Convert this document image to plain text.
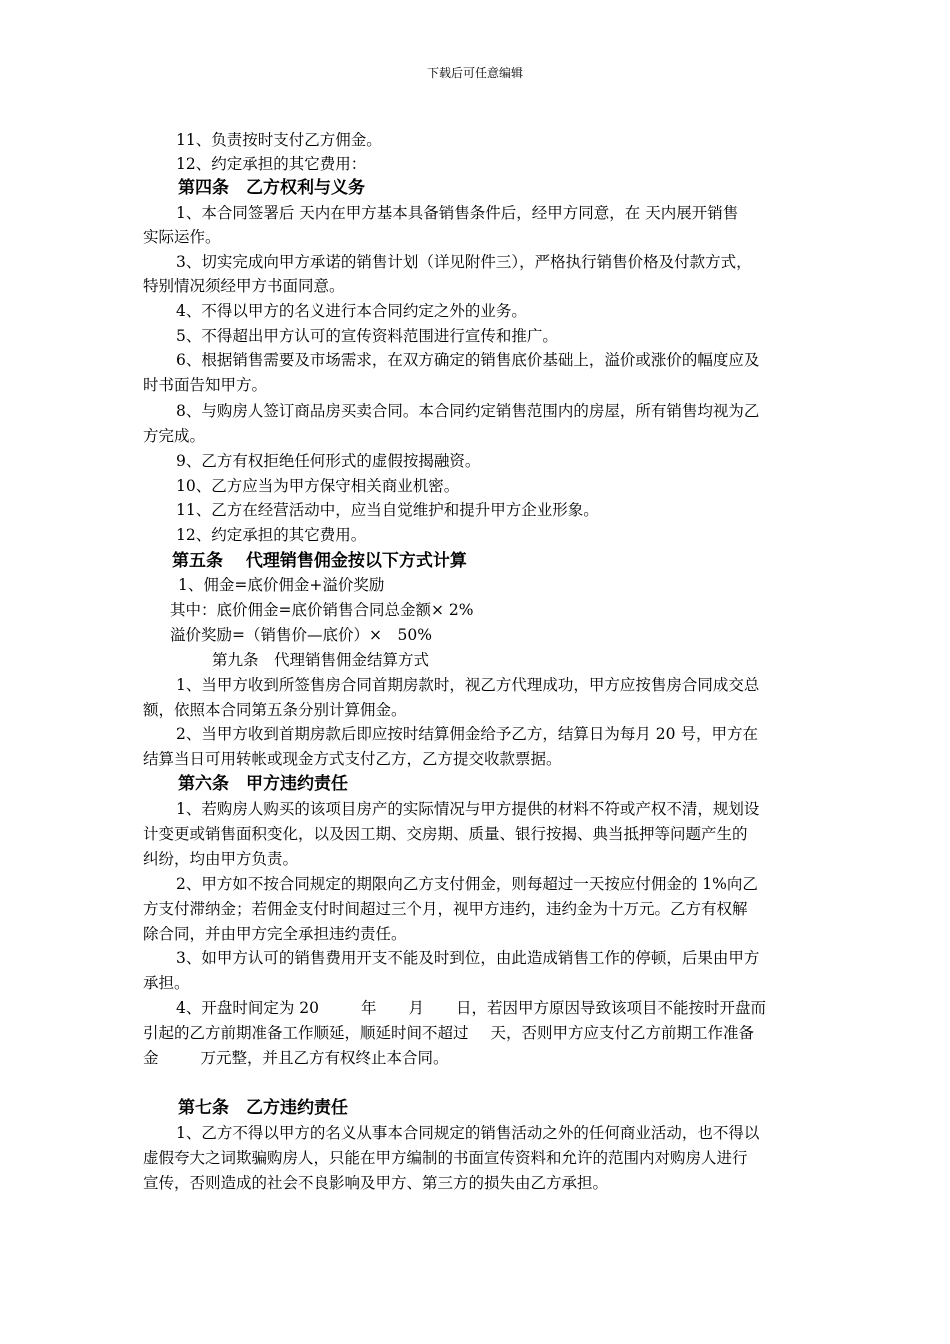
下载后可任意编辑
11、负责按时支付乙方佣金。
12、约定承担的其它费用：
第四条　乙方权利与义务
1、本合同签署后 天内在甲方基本具备销售条件后，经甲方同意，在 天内展开销售
实际运作。
3、切实完成向甲方承诺的销售计划（详见附件三），严格执行销售价格及付款方式，
特别情况须经甲方书面同意。
4、不得以甲方的名义进行本合同约定之外的业务。
5、不得超出甲方认可的宣传资料范围进行宣传和推广。
6、根据销售需要及市场需求，在双方确定的销售底价基础上，溢价或涨价的幅度应及
时书面告知甲方。
8、与购房人签订商品房买卖合同。本合同约定销售范围内的房屋，所有销售均视为乙
方完成。
9、乙方有权拒绝任何形式的虚假按揭融资。
10、乙方应当为甲方保守相关商业机密。
11、乙方在经营活动中，应当自觉维护和提升甲方企业形象。
12、约定承担的其它费用。
第五条　 代理销售佣金按以下方式计算
1、佣金=底价佣金+溢价奖励
其中：底价佣金=底价销售合同总金额× 2%
溢价奖励=（销售价—底价）×　50%
第九条　代理销售佣金结算方式
1、当甲方收到所签售房合同首期房款时，视乙方代理成功，甲方应按售房合同成交总
额，依照本合同第五条分别计算佣金。
2、当甲方收到首期房款后即应按时结算佣金给予乙方，结算日为每月 20 号，甲方在
结算当日可用转帐或现金方式支付乙方，乙方提交收款票据。
第六条　甲方违约责任
1、若购房人购买的该项目房产的实际情况与甲方提供的材料不符或产权不清，规划设
计变更或销售面积变化，以及因工期、交房期、质量、银行按揭、典当抵押等问题产生的
纠纷，均由甲方负责。
2、甲方如不按合同规定的期限向乙方支付佣金，则每超过一天按应付佣金的 1%向乙
方支付滞纳金；若佣金支付时间超过三个月，视甲方违约，违约金为十万元。乙方有权解
除合同，并由甲方完全承担违约责任。
3、如甲方认可的销售费用开支不能及时到位，由此造成销售工作的停顿，后果由甲方
承担。
4、开盘时间定为 20	年 月 日，若因甲方原因导致该项目不能按时开盘而
引起的乙方前期准备工作顺延，顺延时间不超过 天，否则甲方应支付乙方前期工作准备
金	万元整，并且乙方有权终止本合同。
第七条　乙方违约责任
1、乙方不得以甲方的名义从事本合同规定的销售活动之外的任何商业活动，也不得以
虚假夸大之词欺骗购房人，只能在甲方编制的书面宣传资料和允许的范围内对购房人进行
宣传，否则造成的社会不良影响及甲方、第三方的损失由乙方承担。
